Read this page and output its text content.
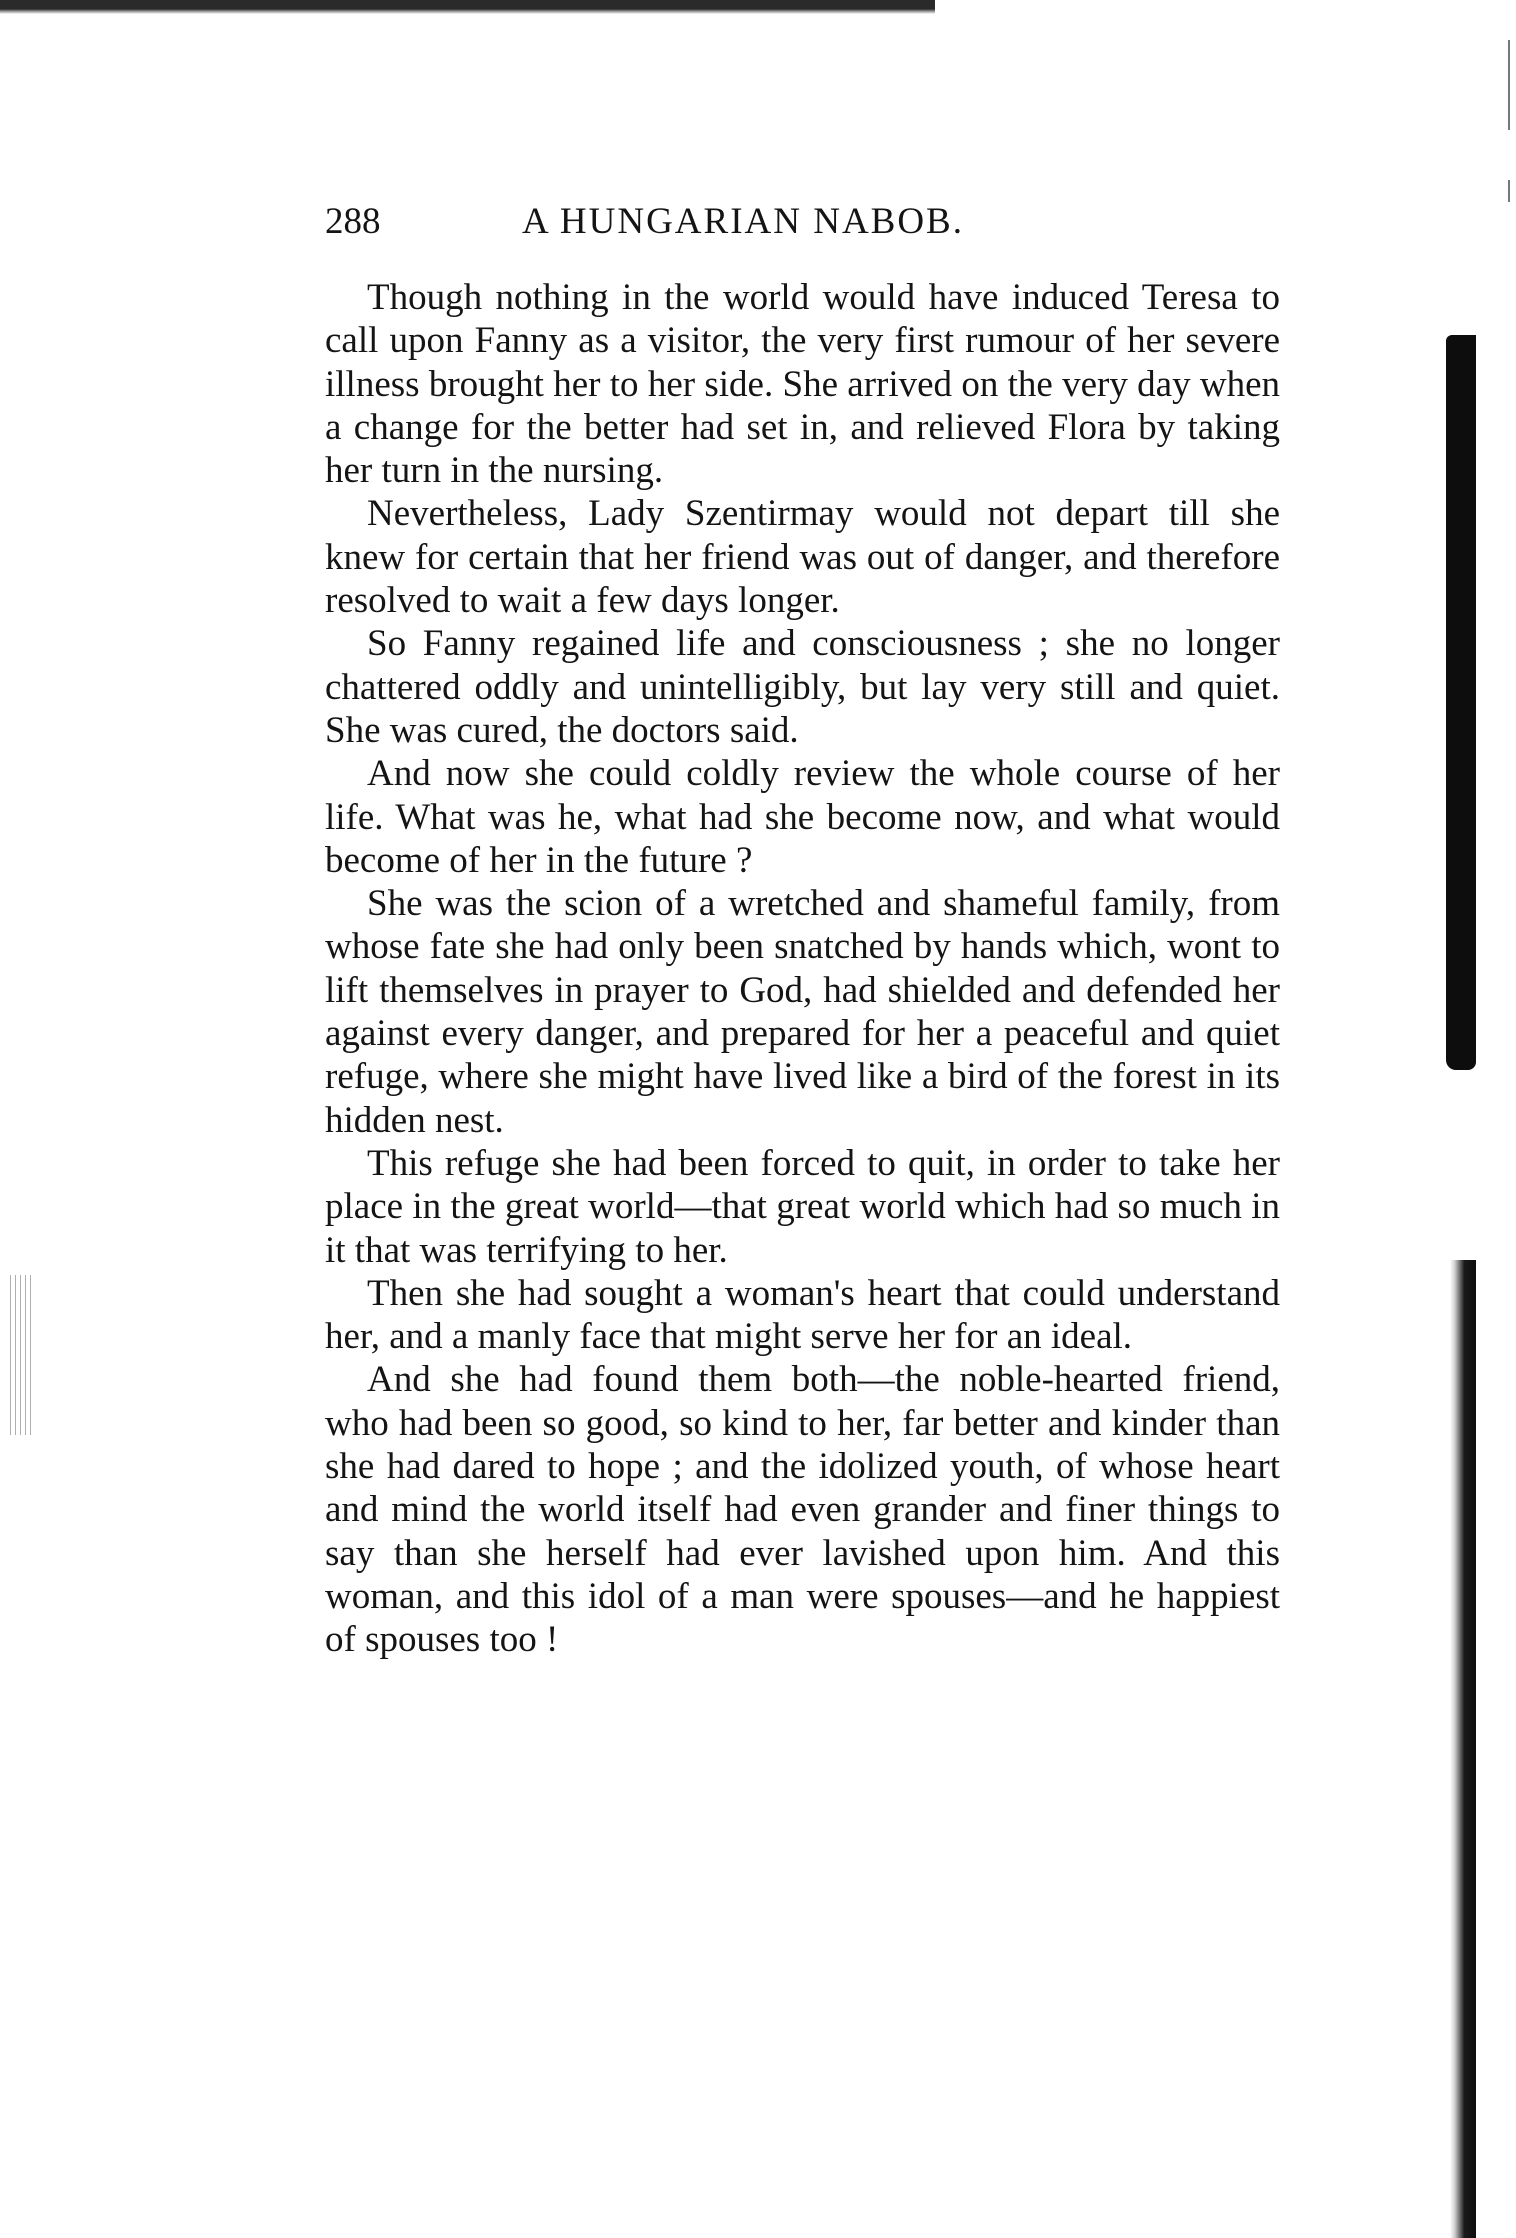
288	A HUNGARIAN NABOB.

Though nothing in the world would have induced Teresa to call upon Fanny as a visitor, the very first rumour of her severe illness brought her to her side. She arrived on the very day when a change for the better had set in, and relieved Flora by taking her turn in the nursing.

Nevertheless, Lady Szentirmay would not depart till she knew for certain that her friend was out of danger, and therefore resolved to wait a few days longer.

So Fanny regained life and consciousness ; she no longer chattered oddly and unintelligibly, but lay very still and quiet. She was cured, the doctors said.

And now she could coldly review the whole course of her life. What was he, what had she become now, and what would become of her in the future ?

She was the scion of a wretched and shameful family, from whose fate she had only been snatched by hands which, wont to lift themselves in prayer to God, had shielded and defended her against every danger, and prepared for her a peaceful and quiet refuge, where she might have lived like a bird of the forest in its hidden nest.

This refuge she had been forced to quit, in order to take her place in the great world—that great world which had so much in it that was terrifying to her.

Then she had sought a woman's heart that could understand her, and a manly face that might serve her for an ideal.

And she had found them both—the noble-hearted friend, who had been so good, so kind to her, far better and kinder than she had dared to hope ; and the idolized youth, of whose heart and mind the world itself had even grander and finer things to say than she herself had ever lavished upon him. And this woman, and this idol of a man were spouses—and he happiest of spouses too !
